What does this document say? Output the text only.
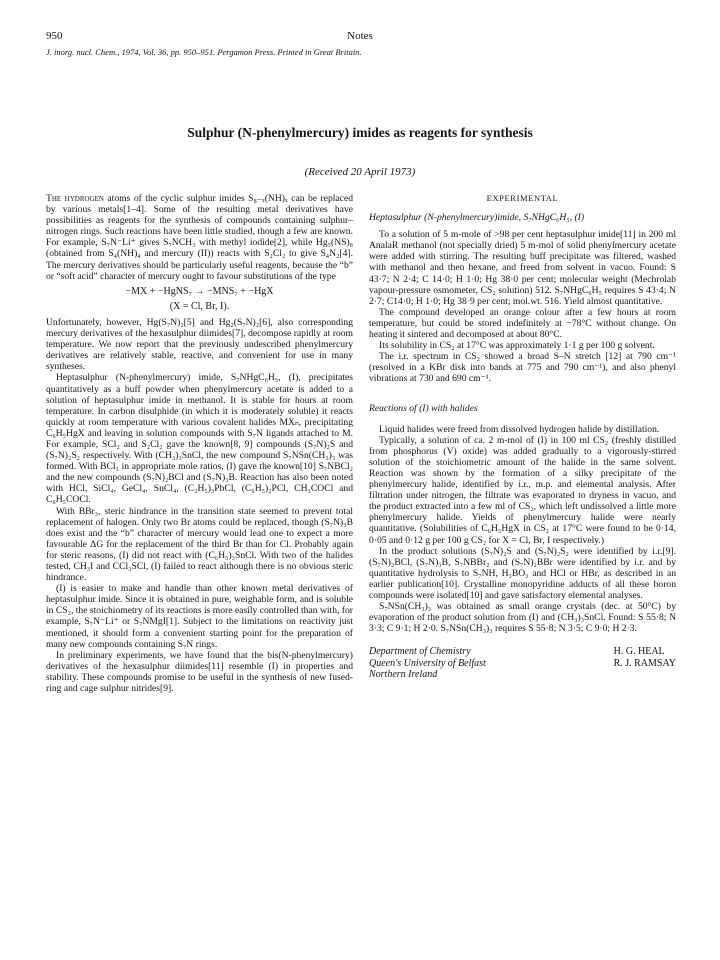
950	Notes
J. inorg. nucl. Chem., 1974, Vol. 36, pp. 950–951. Pergamon Press. Printed in Great Britain.
Sulphur (N-phenylmercury) imides as reagents for synthesis
(Received 20 April 1973)

The hydrogen atoms of the cyclic sulphur imides S₈₋ₓ(NH)ₓ can be replaced by various metals[1–4]. Some of the resulting metal derivatives have possibilities as reagents for the synthesis of compounds containing sulphur–nitrogen rings. Such reactions have been little studied, though a few are known. For example, S₇N⁻Li⁺ gives S₇NCH₃ with methyl iodide[2], while Hg₅(NS)₈ (obtained from S₄(NH)₄ and mercury (II)) reacts with S₂Cl₂ to give S₄N₂[4]. The mercury derivatives should be particularly useful reagents, because the “b” or “soft acid” character of mercury ought to favour substitutions of the type

−MX + −HgNS₇ → −MNS₇ + −HgX

(X = Cl, Br, I).

Unfortunately, however, Hg(S₇N)₂[5] and Hg₂(S₇N)₂[6], also corresponding mercury derivatives of the hexasulphur diimides[7], decompose rapidly at room temperature. We now report that the previously undescribed phenylmercury derivatives are relatively stable, reactive, and convenient for use in many syntheses.

Heptasulphur (N-phenylmercury) imide, S₇NHgC₆H₅, (I), precipitates quantitatively as a buff powder when phenylmercury acetate is added to a solution of heptasulphur imide in methanol. It is stable for hours at room temperature. In carbon disulphide (in which it is moderately soluble) it reacts quickly at room temperature with various covalent halides MXₙ, precipitating C₆H₅HgX and leaving in solution compounds with S₇N ligands attached to M. For example, SCl₂ and S₂Cl₂ gave the known[8, 9] compounds (S₇N)₂S and (S₇N)₂S₂ respectively. With (CH₃)₃SnCl, the new compound S₇NSn(CH₃)₃ was formed. With BCl₃ in appropriate mole ratios, (I) gave the known[10] S₇NBCl₂ and the new compounds (S₇N)₂BCl and (S₇N)₃B. Reaction has also been noted with HCl, SiCl₄, GeCl₄, SnCl₄, (C₂H₅)₃PbCl, (C₆H₅)₂PCl, CH₃COCl and C₆H₅COCl.

With BBr₃, steric hindrance in the transition state seemed to prevent total replacement of halogen. Only two Br atoms could be replaced, though (S₇N)₃B does exist and the “b” character of mercury would lead one to expect a more favourable ΔG for the replacement of the third Br than for Cl. Probably again for steric reasons, (I) did not react with (C₆H₅)₃SnCl. With two of the halides tested, CH₃I and CCl₃SCl, (I) failed to react although there is no obvious steric hindrance.

(I) is easier to make and handle than other known metal derivatives of heptasulphur imide. Since it is obtained in pure, weighable form, and is soluble in CS₂, the stoichiometry of its reactions is more easily controlled than with, for example, S₇N⁻Li⁺ or S₇NMgI[1]. Subject to the limitations on reactivity just mentioned, it should form a convenient starting point for the preparation of many new compounds containing S₇N rings.

In preliminary experiments, we have found that the bis(N-phenylmercury) derivatives of the hexasulphur diimides[11] resemble (I) in properties and stability. These compounds promise to be useful in the synthesis of new fused-ring and cage sulphur nitrides[9].

EXPERIMENTAL

Heptasulphur (N-phenylmercury)imide, S₇NHgC₆H₅, (I)

To a solution of 5 m-mole of >98 per cent heptasulphur imide[11] in 200 ml AnalaR methanol (not specially dried) 5 m-mol of solid phenylmercury acetate were added with stirring. The resulting buff precipitate was filtered, washed with methanol and then hexane, and freed from solvent in vacuo. Found: S 43·7; N 2·4; C 14·0; H 1·0; Hg 38·0 per cent; molecular weight (Mechrolab vapour-pressure osmometer, CS₂ solution) 512. S₇NHgC₆H₅ requires S 43·4; N 2·7; C14·0; H 1·0; Hg 38·9 per cent; mol.wt. 516. Yield almost quantitative.

The compound developed an orange colour after a few hours at room temperature, but could be stored indefinitely at −78°C without change. On heating it sintered and decomposed at about 80°C.

Its solubility in CS₂ at 17°C was approximately 1·1 g per 100 g solvent.

The i.r. spectrum in CS₂ showed a broad S–N stretch [12] at 790 cm⁻¹ (resolved in a KBr disk into bands at 775 and 790 cm⁻¹), and also phenyl vibrations at 730 and 690 cm⁻¹.

Reactions of (I) with halides

Liquid halides were freed from dissolved hydrogen halide by distillation.

Typically, a solution of ca. 2 m-mol of (I) in 100 ml CS₂ (freshly distilled from phosphorus (V) oxide) was added gradually to a vigorously-stirred solution of the stoichiometric amount of the halide in the same solvent. Reaction was shown by the formation of a silky precipitate of the phenylmercury halide, identified by i.r., m.p. and elemental analysis. After filtration under nitrogen, the filtrate was evaporated to dryness in vacuo, and the product extracted into a few ml of CS₂, which left undissolved a little more phenylmercury halide. Yields of phenylmercury halide were nearly quantitative. (Solubilities of C₆H₅HgX in CS₂ at 17°C were found to be 0·14, 0·05 and 0·12 g per 100 g CS₂ for X = Cl, Br, I respectively.)

In the product solutions (S₇N)₂S and (S₇N)₂S₂ were identified by i.r.[9]. (S₇N)₂BCl, (S₇N)₃B, S₇NBBr₂ and (S₇N)₂BBr were identified by i.r. and by quantitative hydrolysis to S₇NH, H₃BO₃ and HCl or HBr, as described in an earlier publication[10]. Crystalline monopyridine adducts of all these boron compounds were isolated[10] and gave satisfactory elemental analyses.

S₇NSn(CH₃)₃ was obtained as small orange crystals (dec. at 50°C) by evaporation of the product solution from (I) and (CH₃)₃SnCl. Found: S 55·8; N 3·3; C 9·1; H 2·0. S₇NSn(CH₃)₃ requires S 55·8; N 3·5; C 9·0; H 2·3.

Department of Chemistry
Queen's University of Belfast
Northern Ireland
H. G. HEAL
R. J. RAMSAY
